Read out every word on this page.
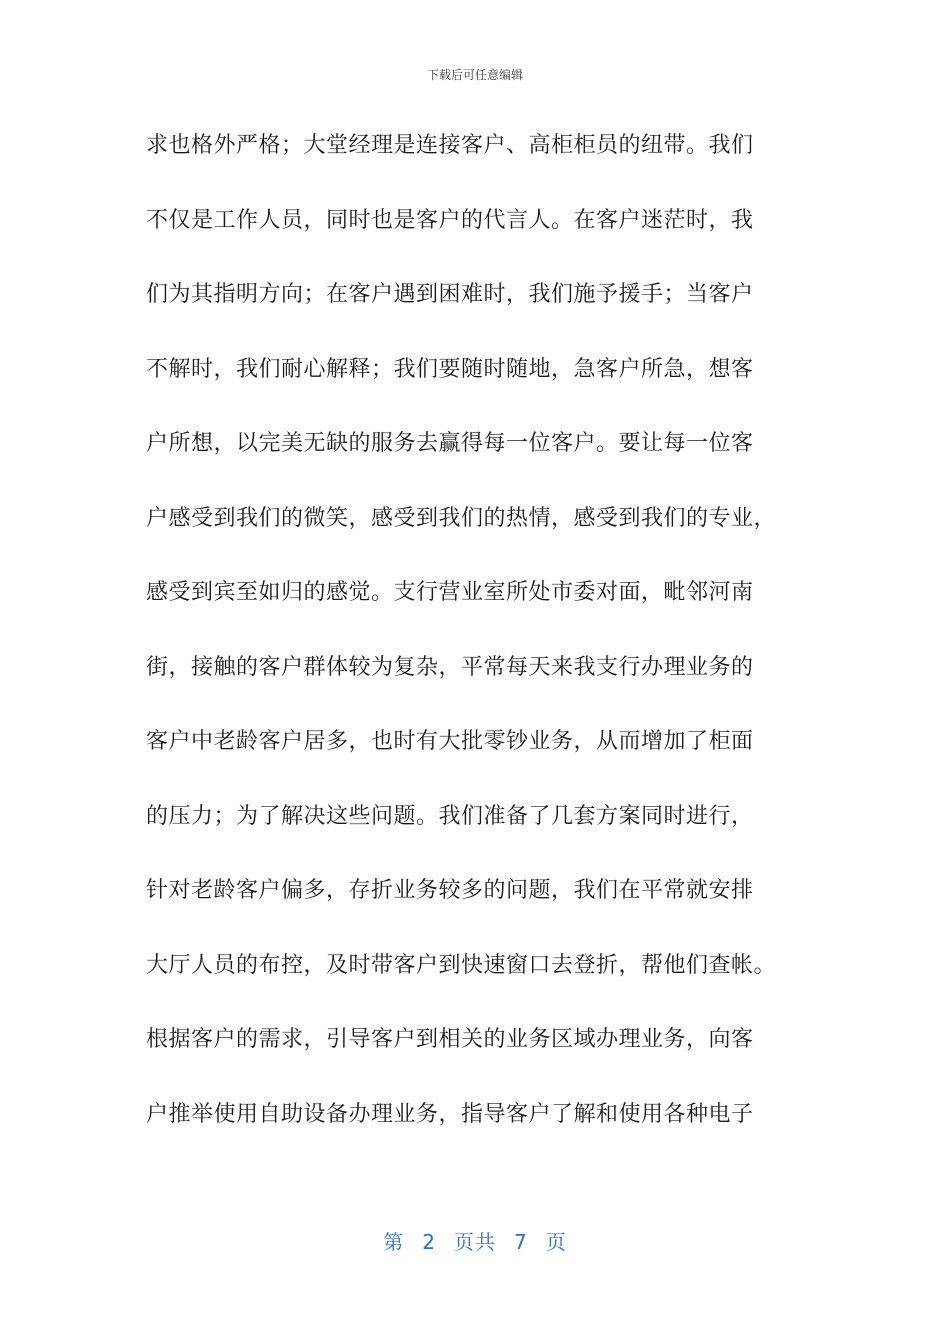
下载后可任意编辑
求也格外严格；大堂经理是连接客户、高柜柜员的纽带。我们
不仅是工作人员，同时也是客户的代言人。在客户迷茫时，我
们为其指明方向；在客户遇到困难时，我们施予援手；当客户
不解时，我们耐心解释；我们要随时随地，急客户所急，想客
户所想，以完美无缺的服务去赢得每一位客户。要让每一位客
户感受到我们的微笑，感受到我们的热情，感受到我们的专业，
感受到宾至如归的感觉。支行营业室所处市委对面，毗邻河南
街，接触的客户群体较为复杂，平常每天来我支行办理业务的
客户中老龄客户居多，也时有大批零钞业务，从而增加了柜面
的压力；为了解决这些问题。我们准备了几套方案同时进行，
针对老龄客户偏多，存折业务较多的问题，我们在平常就安排
大厅人员的布控，及时带客户到快速窗口去登折，帮他们查帐。
根据客户的需求，引导客户到相关的业务区域办理业务，向客
户推举使用自助设备办理业务，指导客户了解和使用各种电子
第 2 页共 7 页
